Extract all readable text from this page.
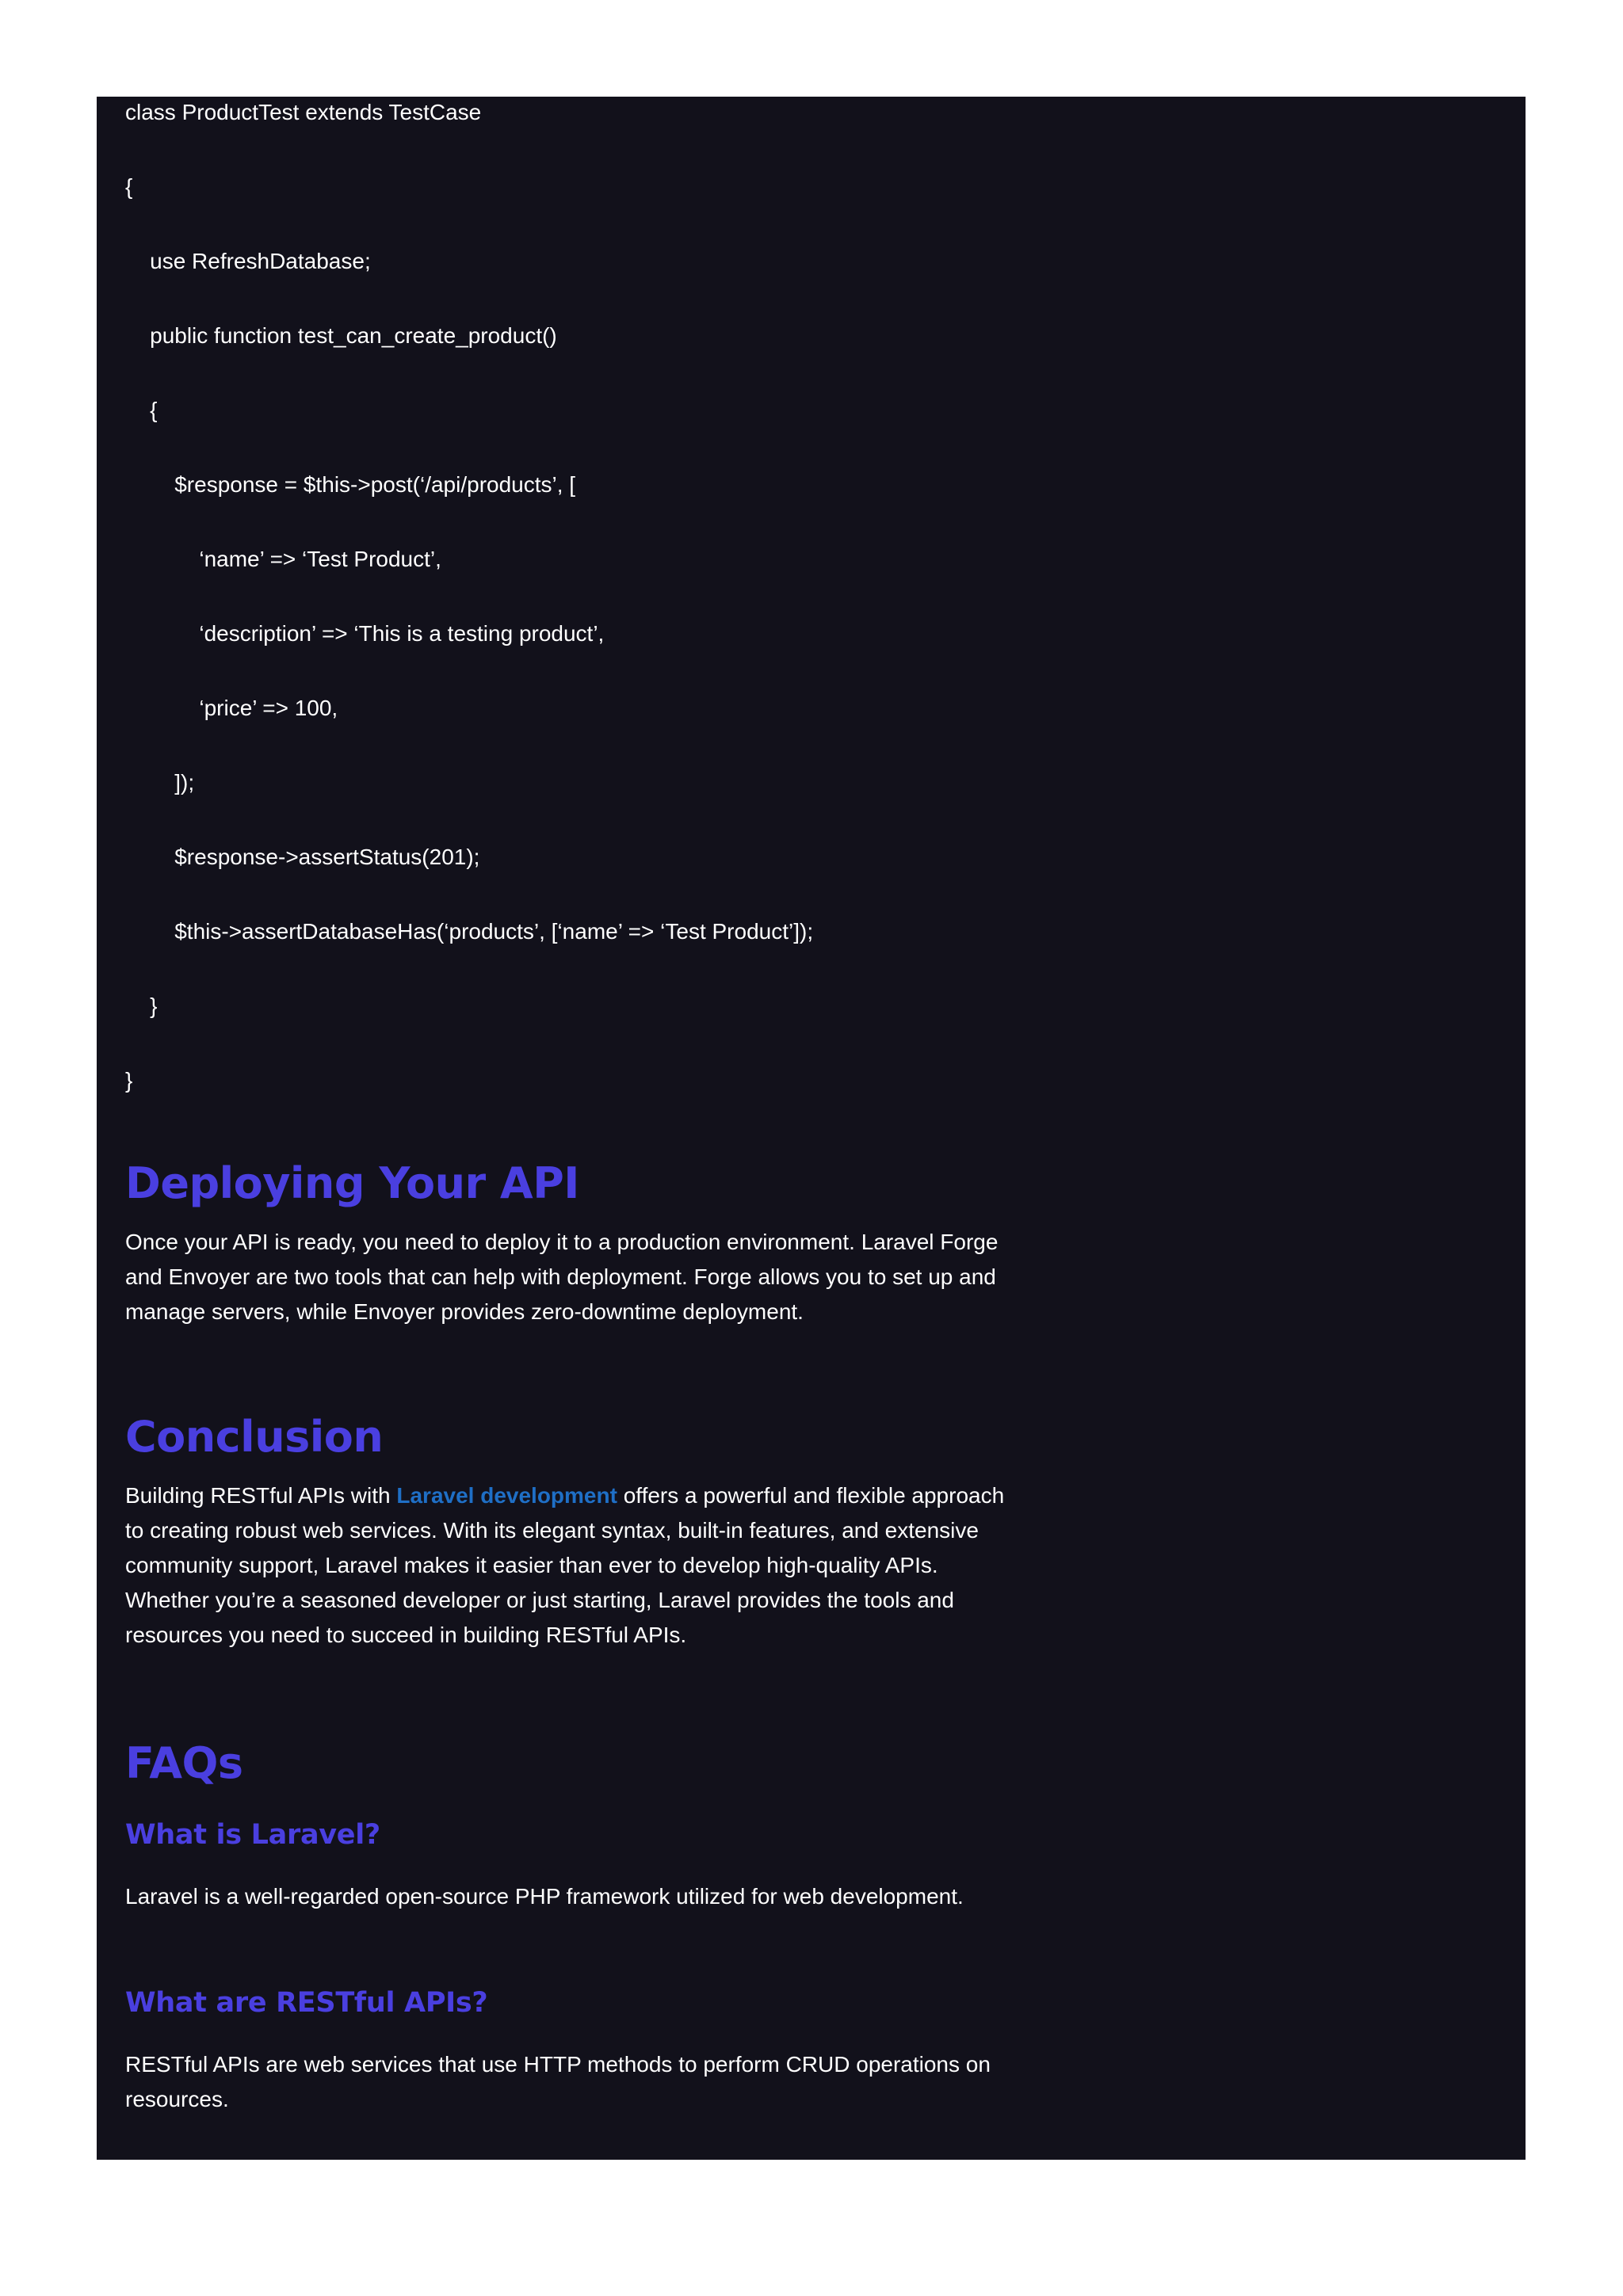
class ProductTest extends TestCase
{
use RefreshDatabase;
public function test_can_create_product()
{
$response = $this->post(‘/api/products’, [
‘name’ => ‘Test Product’,
‘description’ => ‘This is a testing product’,
‘price’ => 100,
]);
$response->assertStatus(201);
$this->assertDatabaseHas(‘products’, [‘name’ => ‘Test Product’]);
}
}
Deploying Your API

Once your API is ready, you need to deploy it to a production environment. Laravel Forge and Envoyer are two tools that can help with deployment. Forge allows you to set up and manage servers, while Envoyer provides zero-downtime deployment.

Conclusion

Building RESTful APIs with Laravel development offers a powerful and flexible approach to creating robust web services. With its elegant syntax, built-in features, and extensive community support, Laravel makes it easier than ever to develop high-quality APIs. Whether you’re a seasoned developer or just starting, Laravel provides the tools and resources you need to succeed in building RESTful APIs.

FAQs
What is Laravel?

Laravel is a well-regarded open-source PHP framework utilized for web development.

What are RESTful APIs?

RESTful APIs are web services that use HTTP methods to perform CRUD operations on resources.
